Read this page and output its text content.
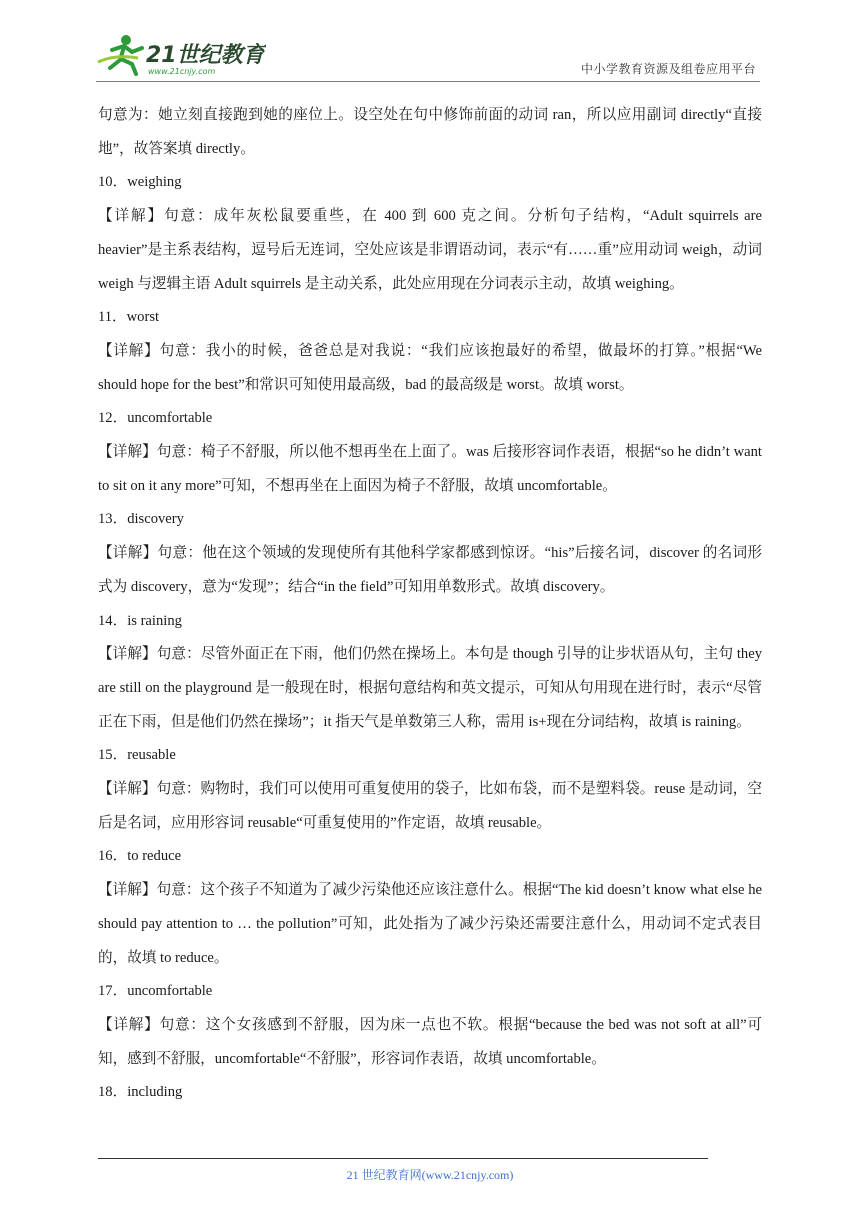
21世纪教育
www.21cnjy.com	中小学教育资源及组卷应用平台

句意为：她立刻直接跑到她的座位上。设空处在句中修饰前面的动词 ran，所以应用副词 directly“直接地”，故答案填 directly。

10．weighing

【详解】句意：成年灰松鼠要重些，在 400 到 600 克之间。分析句子结构，“Adult squirrels are heavier”是主系表结构，逗号后无连词，空处应该是非谓语动词，表示“有……重”应用动词 weigh，动词 weigh 与逻辑主语 Adult squirrels 是主动关系，此处应用现在分词表示主动，故填 weighing。

11．worst

【详解】句意：我小的时候，爸爸总是对我说：“我们应该抱最好的希望，做最坏的打算。”根据“We should hope for the best”和常识可知使用最高级，bad 的最高级是 worst。故填 worst。

12．uncomfortable

【详解】句意：椅子不舒服，所以他不想再坐在上面了。was 后接形容词作表语，根据“so he didn’t want to sit on it any more”可知，不想再坐在上面因为椅子不舒服，故填 uncomfortable。

13．discovery

【详解】句意：他在这个领域的发现使所有其他科学家都感到惊讶。“his”后接名词，discover 的名词形式为 discovery，意为“发现”；结合“in the field”可知用单数形式。故填 discovery。

14．is raining

【详解】句意：尽管外面正在下雨，他们仍然在操场上。本句是 though 引导的让步状语从句，主句 they are still on the playground 是一般现在时，根据句意结构和英文提示，可知从句用现在进行时，表示“尽管正在下雨，但是他们仍然在操场”；it 指天气是单数第三人称，需用 is+现在分词结构，故填 is raining。

15．reusable

【详解】句意：购物时，我们可以使用可重复使用的袋子，比如布袋，而不是塑料袋。reuse 是动词，空后是名词，应用形容词 reusable“可重复使用的”作定语，故填 reusable。

16．to reduce

【详解】句意：这个孩子不知道为了减少污染他还应该注意什么。根据“The kid doesn’t know what else he should pay attention to … the pollution”可知，此处指为了减少污染还需要注意什么，用动词不定式表目的，故填 to reduce。

17．uncomfortable

【详解】句意：这个女孩感到不舒服，因为床一点也不软。根据“because the bed was not soft at all”可知，感到不舒服，uncomfortable“不舒服”，形容词作表语，故填 uncomfortable。

18．including

21 世纪教育网(www.21cnjy.com)
